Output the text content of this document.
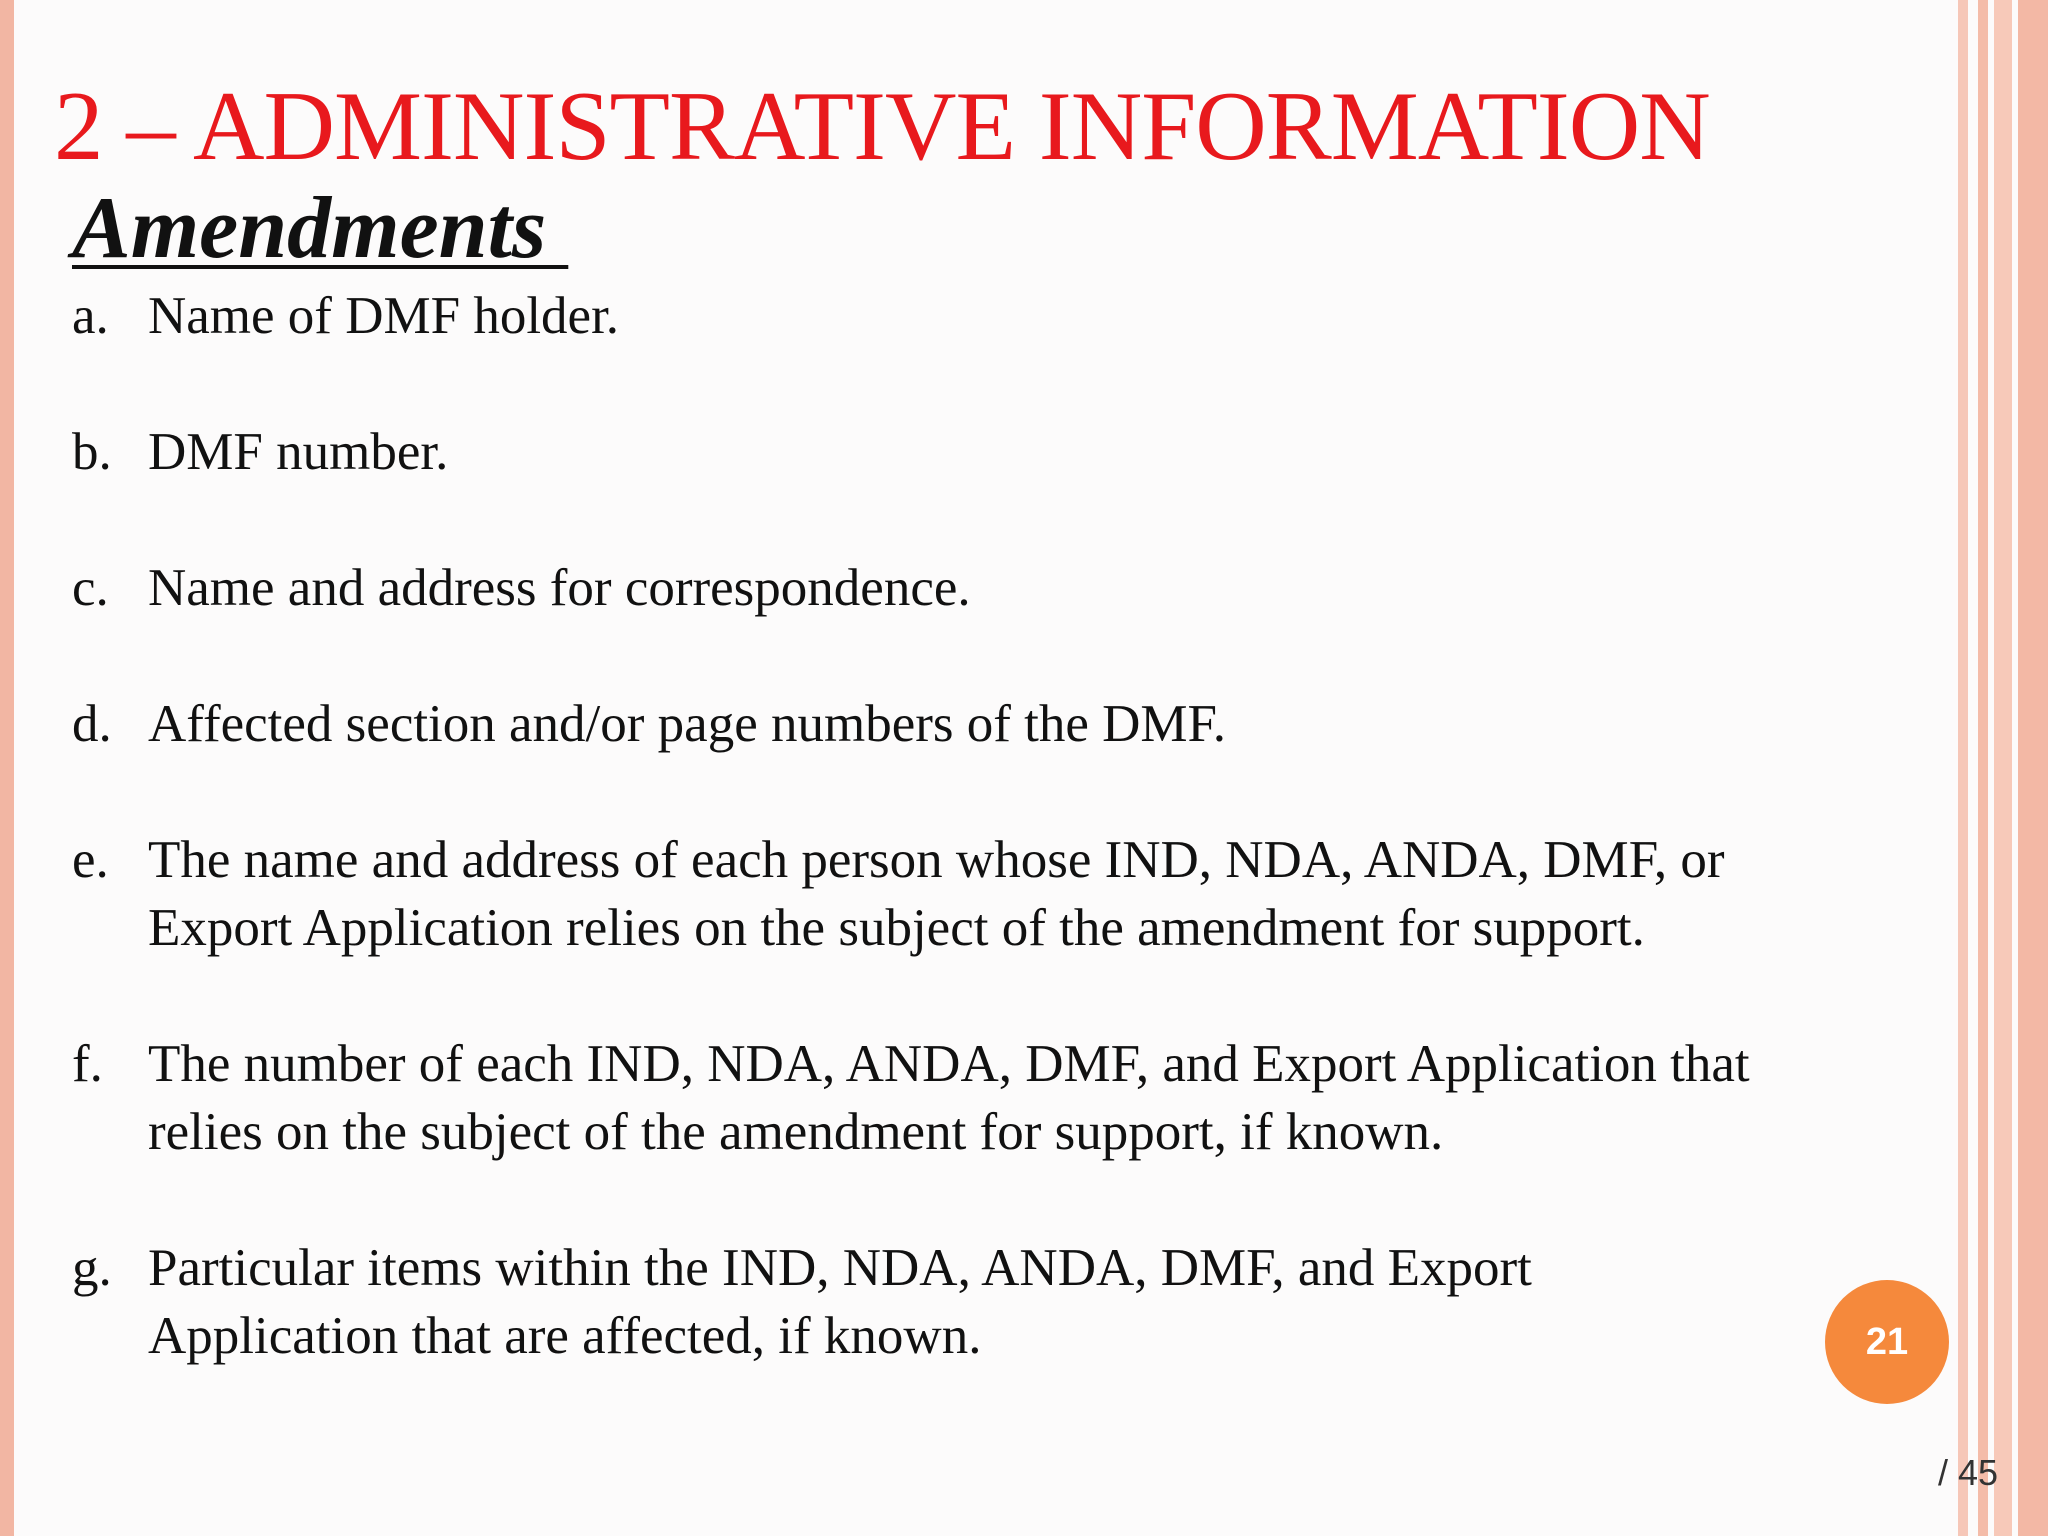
2 – ADMINISTRATIVE INFORMATION
Amendments
a. Name of DMF holder.
b. DMF number.
c. Name and address for correspondence.
d. Affected section and/or page numbers of the DMF.
e. The name and address of each person whose IND, NDA, ANDA, DMF, or
Export Application relies on the subject of the amendment for support.
f. The number of each IND, NDA, ANDA, DMF, and Export Application that
relies on the subject of the amendment for support, if known.
g. Particular items within the IND, NDA, ANDA, DMF, and Export
Application that are affected, if known.	21
/ 45
